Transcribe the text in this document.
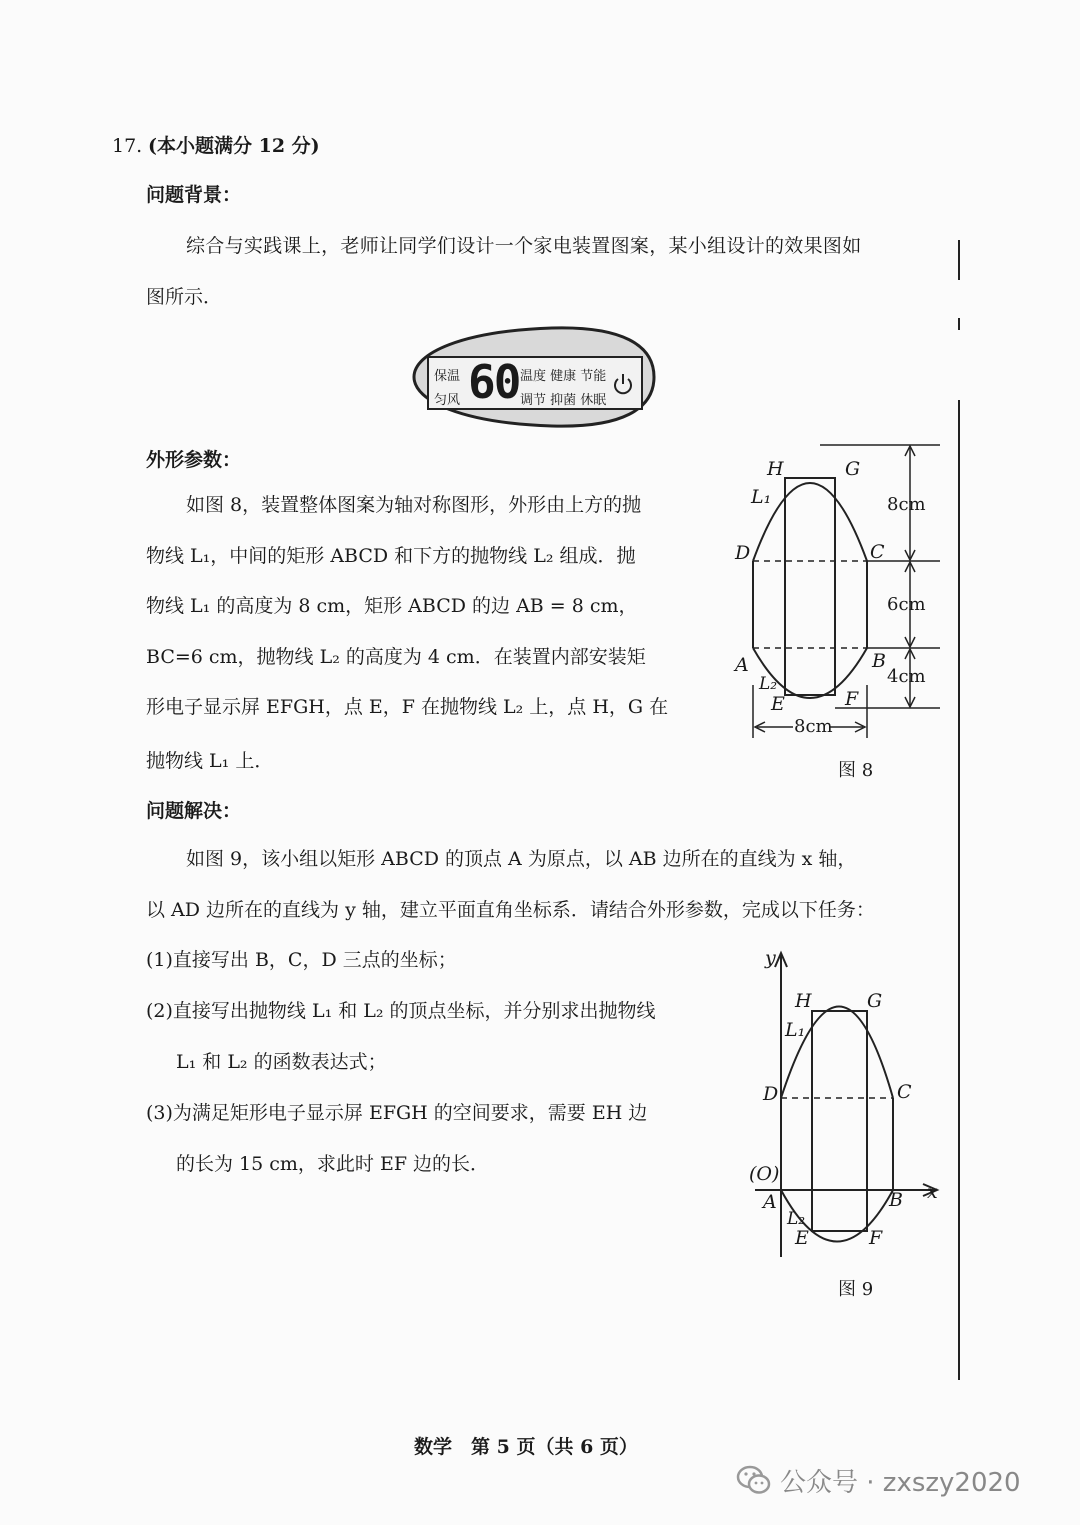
17. (本小题满分 12 分)
问题背景：
综合与实践课上，老师让同学们设计一个家电装置图案，某小组设计的效果图如
图所示．
保温
匀风 60 温度 健康 节能
调节 抑菌 休眠
外形参数：
如图 8，装置整体图案为轴对称图形，外形由上方的抛
物线 L₁，中间的矩形 ABCD 和下方的抛物线 L₂ 组成．抛
物线 L₁ 的高度为 8 cm，矩形 ABCD 的边 AB = 8 cm，
BC=6 cm，抛物线 L₂ 的高度为 4 cm．在装置内部安装矩
形电子显示屏 EFGH，点 E，F 在抛物线 L₂ 上，点 H，G 在
抛物线 L₁ 上．
H	G
L₁
D	C
A	B
L₂
E	F
8cm
6cm
4cm
8cm
图 8
问题解决：
如图 9，该小组以矩形 ABCD 的顶点 A 为原点，以 AB 边所在的直线为 x 轴，
以 AD 边所在的直线为 y 轴，建立平面直角坐标系．请结合外形参数，完成以下任务：
(1)直接写出 B，C，D 三点的坐标；
(2)直接写出抛物线 L₁ 和 L₂ 的顶点坐标，并分别求出抛物线
L₁ 和 L₂ 的函数表达式；
(3)为满足矩形电子显示屏 EFGH 的空间要求，需要 EH 边
的长为 15 cm，求此时 EF 边的长．
y
x
H	G
L₁
D	C
(O)
A	B
L₂
E	F
图 9
数学　第 5 页（共 6 页）
公众号 · zxszy2020
